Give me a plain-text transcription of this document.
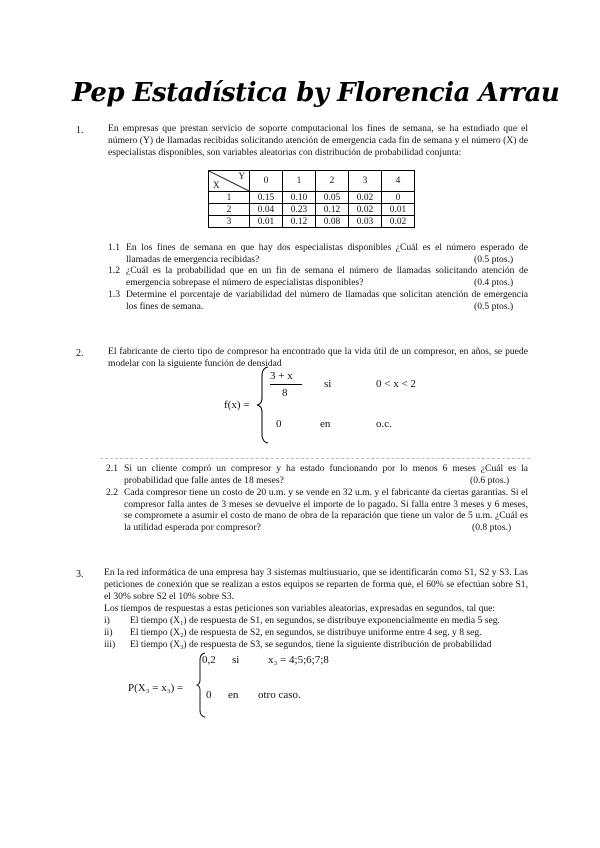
Pep Estadística by Florencia Arrau
1.	En empresas que prestan servicio de soporte computacional los fines de semana, se ha estudiado que el número (Y) de llamadas recibidas solicitando atención de emergencia cada fin de semana y el número (X) de especialistas disponibles, son variables aleatorias con distribución de probabilidad conjunta:
Y
X	0	1	2	3	4
1	0.15	0.10	0.05	0.02	0
2	0.04	0.23	0.12	0.02	0.01
3	0.01	0.12	0.08	0.03	0.02
1.1 En los fines de semana en que hay dos especialistas disponibles ¿Cuál es el número esperado de llamadas de emergencia recibidas?	(0.5 ptos.)
1.2 ¿Cuál es la probabilidad que en un fin de semana el número de llamadas solicitando atención de emergencia sobrepase el número de especialistas disponibles?	(0.4 ptos.)
1.3 Determine el porcentaje de variabilidad del número de llamadas que solicitan atención de emergencia los fines de semana.	(0.5 ptos.)
2.	El fabricante de cierto tipo de compresor ha encontrado que la vida útil de un compresor, en años, se puede modelar con la siguiente función de densidad
f(x) =
3 + x
8
si	0 < x < 2
0	en	o.c.
2.1 Si un cliente compró un compresor y ha estado funcionando por lo menos 6 meses ¿Cuál es la probabilidad que falle antes de 18 meses?	(0.6 ptos.)
2.2 Cada compresor tiene un costo de 20 u.m. y se vende en 32 u.m. y el fabricante da ciertas garantías. Si el compresor falla antes de 3 meses se devuelve el importe de lo pagado. Si falla entre 3 meses y 6 meses, se compromete a asumir el costo de mano de obra de la reparación que tiene un valor de 5 u.m. ¿Cuál es la utilidad esperada por compresor?	(0.8 ptos.)
3. En la red informática de una empresa hay 3 sistemas multiusuario, que se identificarán como S1, S2 y S3. Las peticiones de conexión que se realizan a estos equipos se reparten de forma que, el 60% se efectúan sobre S1, el 30% sobre S2 el 10% sobre S3.
Los tiempos de respuestas a estas peticiones son variables aleatorias, expresadas en segundos, tal que:
i) El tiempo (X₁) de respuesta de S1, en segundos, se distribuye exponencialmente en media 5 seg.
ii) El tiempo (X₂) de respuesta de S2, en segundos, se distribuye uniforme entre 4 seg. y 8 seg.
iii) El tiempo (X₃) de respuesta de S3, se segundos, tiene la siguiente distribución de probabilidad
P(X₃ = x₃) =
0,2 si	x₃ = 4;5;6;7;8
0 en otro caso.
